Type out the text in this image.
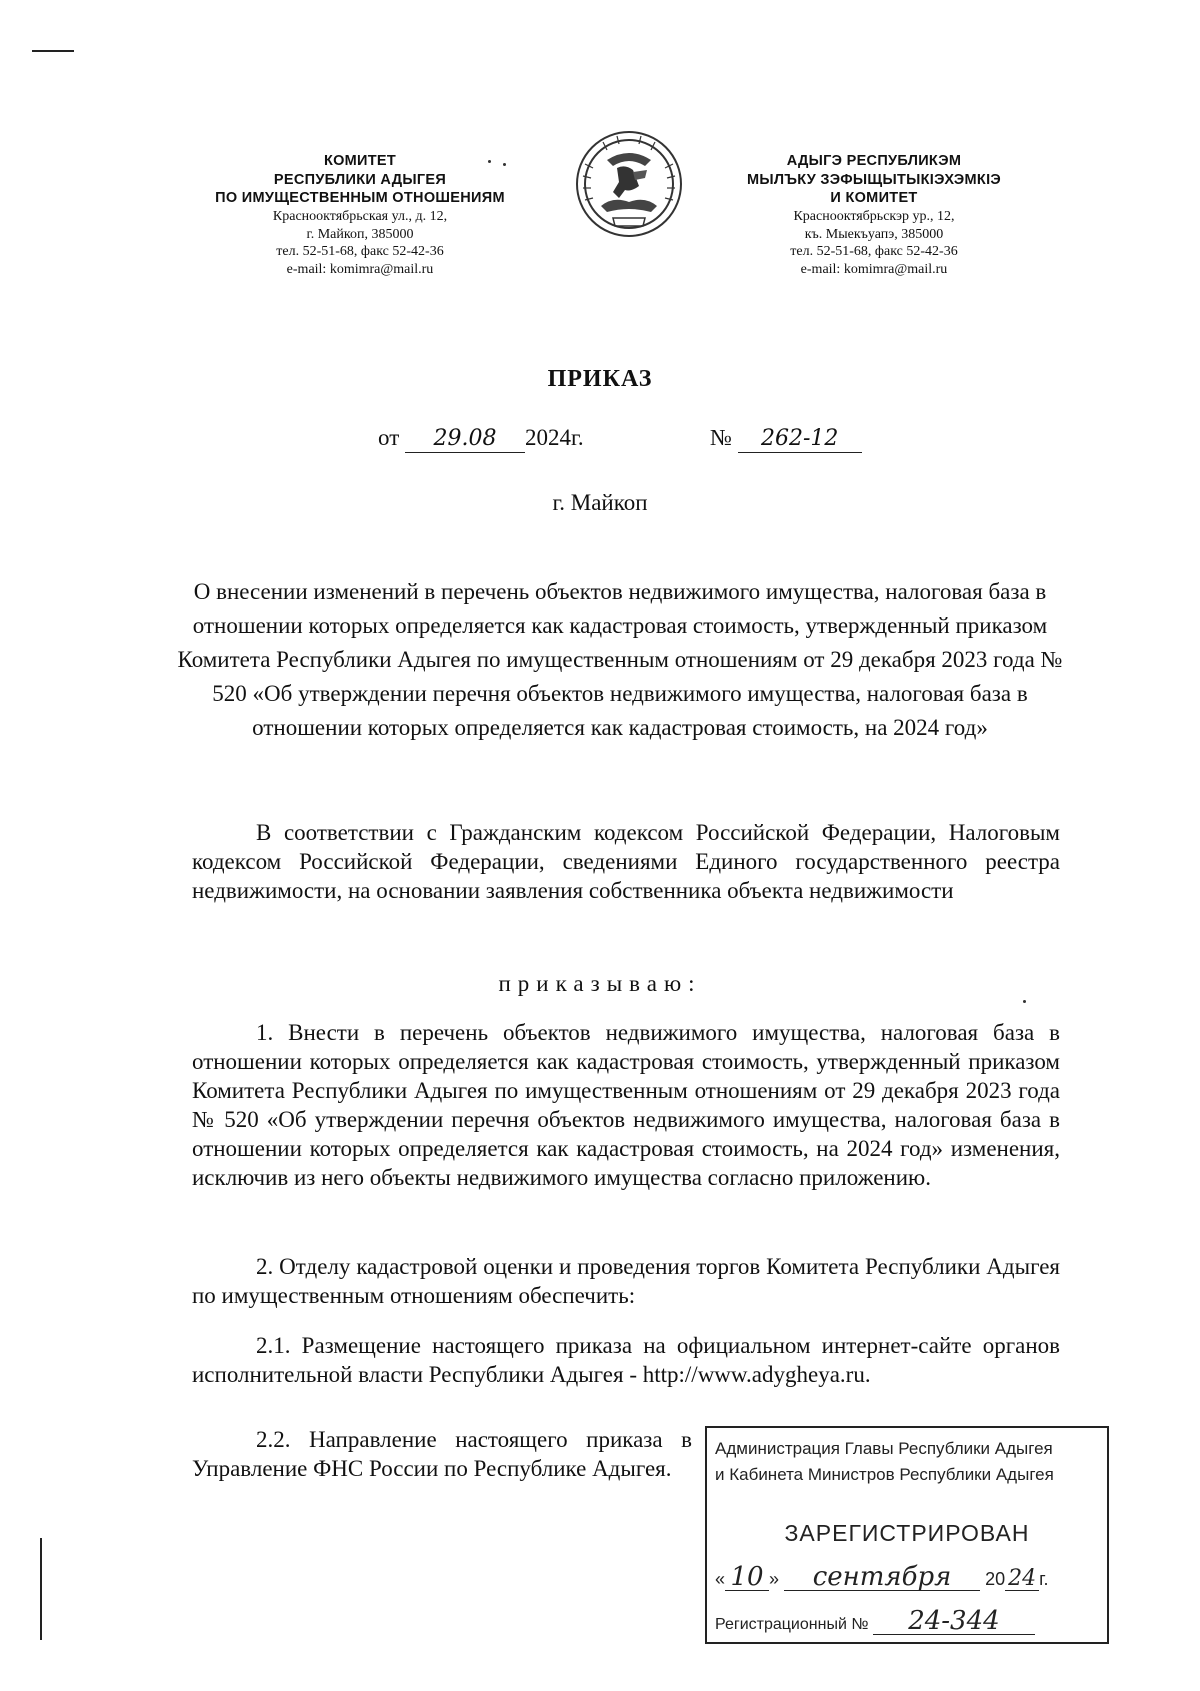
КОМИТЕТ
РЕСПУБЛИКИ АДЫГЕЯ
ПО ИМУЩЕСТВЕННЫМ ОТНОШЕНИЯМ
Краснооктябрьская ул., д. 12,
г. Майкоп, 385000
тел. 52-51-68, факс 52-42-36
e-mail: komimra@mail.ru
АДЫГЭ РЕСПУБЛИКЭМ
МЫЛЪКУ ЗЭФЫЩЫТЫКIЭХЭМКIЭ
И КОМИТЕТ
Краснооктябрьскэр ур., 12,
къ. Мыекъуапэ, 385000
тел. 52-51-68, факс 52-42-36
e-mail: komimra@mail.ru
ПРИКАЗ
от 29.08 2024г.	№ 262-12
г. Майкоп
О внесении изменений в перечень объектов недвижимого имущества, налоговая база в отношении которых определяется как кадастровая стоимость, утвержденный приказом Комитета Республики Адыгея по имущественным отношениям от 29 декабря 2023 года № 520 «Об утверждении перечня объектов недвижимого имущества, налоговая база в отношении которых определяется как кадастровая стоимость, на 2024 год»
В соответствии с Гражданским кодексом Российской Федерации, Налоговым кодексом Российской Федерации, сведениями Единого государственного реестра недвижимости, на основании заявления собственника объекта недвижимости
приказываю:
1. Внести в перечень объектов недвижимого имущества, налоговая база в отношении которых определяется как кадастровая стоимость, утвержденный приказом Комитета Республики Адыгея по имущественным отношениям от 29 декабря 2023 года № 520 «Об утверждении перечня объектов недвижимого имущества, налоговая база в отношении которых определяется как кадастровая стоимость, на 2024 год» изменения, исключив из него объекты недвижимого имущества согласно приложению.
2. Отделу кадастровой оценки и проведения торгов Комитета Республики Адыгея по имущественным отношениям обеспечить:
2.1. Размещение настоящего приказа на официальном интернет-сайте органов исполнительной власти Республики Адыгея - http://www.adygheya.ru.
2.2. Направление настоящего приказа в Управление ФНС России по Республике Адыгея.
Администрация Главы Республики Адыгея
и Кабинета Министров Республики Адыгея
ЗАРЕГИСТРИРОВАН
« 10 » сентября 20 24 г.
Регистрационный № 24-344
